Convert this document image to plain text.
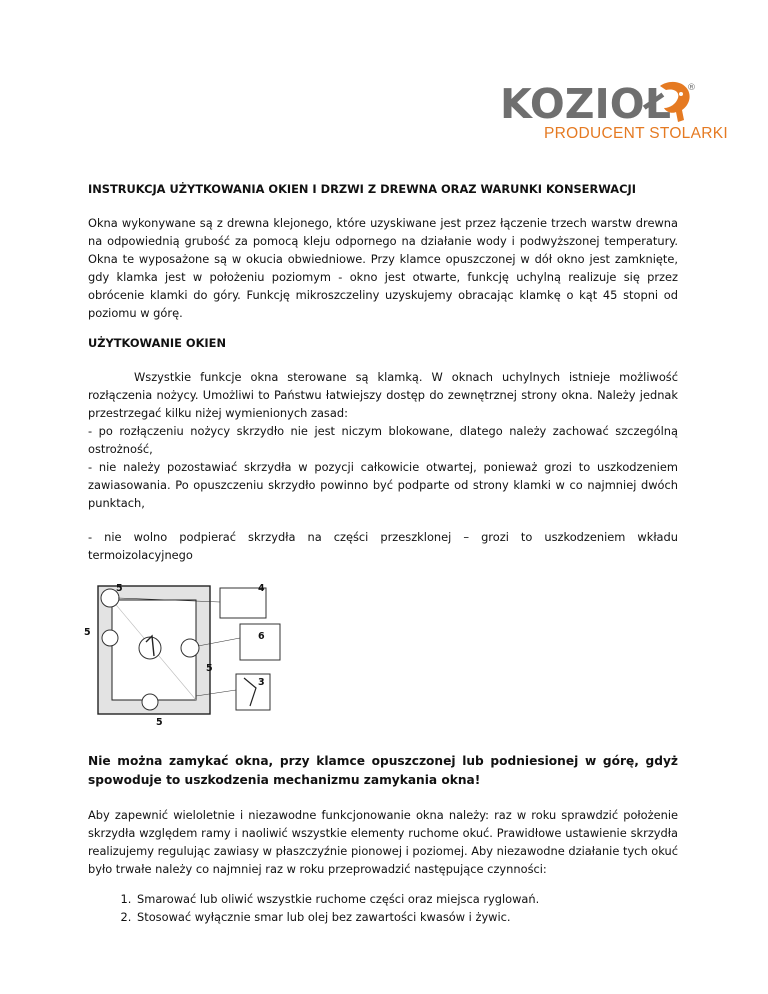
KOZIOŁ ®
PRODUCENT STOLARKI

INSTRUKCJA UŻYTKOWANIA OKIEN I DRZWI Z DREWNA ORAZ WARUNKI KONSERWACJI

Okna wykonywane są z drewna klejonego, które uzyskiwane jest przez łączenie trzech warstw drewna na odpowiednią grubość za pomocą kleju odpornego na działanie wody i podwyższonej temperatury. Okna te wyposażone są w okucia obwiedniowe. Przy klamce opuszczonej w dół okno jest zamknięte, gdy klamka jest w położeniu poziomym - okno jest otwarte, funkcję uchylną realizuje się przez obrócenie klamki do góry. Funkcję mikroszczeliny uzyskujemy obracając klamkę o kąt 45 stopni od poziomu w górę.

UŻYTKOWANIE OKIEN

Wszystkie funkcje okna sterowane są klamką. W oknach uchylnych istnieje możliwość rozłączenia nożycy. Umożliwi to Państwu łatwiejszy dostęp do zewnętrznej strony okna. Należy jednak przestrzegać kilku niżej wymienionych zasad:

- po rozłączeniu nożycy skrzydło nie jest niczym blokowane, dlatego należy zachować szczególną ostrożność,

- nie należy pozostawiać skrzydła w pozycji całkowicie otwartej, ponieważ grozi to uszkodzeniem zawiasowania. Po opuszczeniu skrzydło powinno być podparte od strony klamki w co najmniej dwóch punktach,

- nie wolno podpierać skrzydła na części przeszklonej – grozi to uszkodzeniem wkładu termoizolacyjnego

5	4
5	6
5
3
5

Nie można zamykać okna, przy klamce opuszczonej lub podniesionej w górę, gdyż spowoduje to uszkodzenia mechanizmu zamykania okna!

Aby zapewnić wieloletnie i niezawodne funkcjonowanie okna należy: raz w roku sprawdzić położenie skrzydła względem ramy i naoliwić wszystkie elementy ruchome okuć. Prawidłowe ustawienie skrzydła realizujemy regulując zawiasy w płaszczyźnie pionowej i poziomej. Aby niezawodne działanie tych okuć było trwałe należy co najmniej raz w roku przeprowadzić następujące czynności:

1. Smarować lub oliwić wszystkie ruchome części oraz miejsca ryglowań.
2. Stosować wyłącznie smar lub olej bez zawartości kwasów i żywic.
